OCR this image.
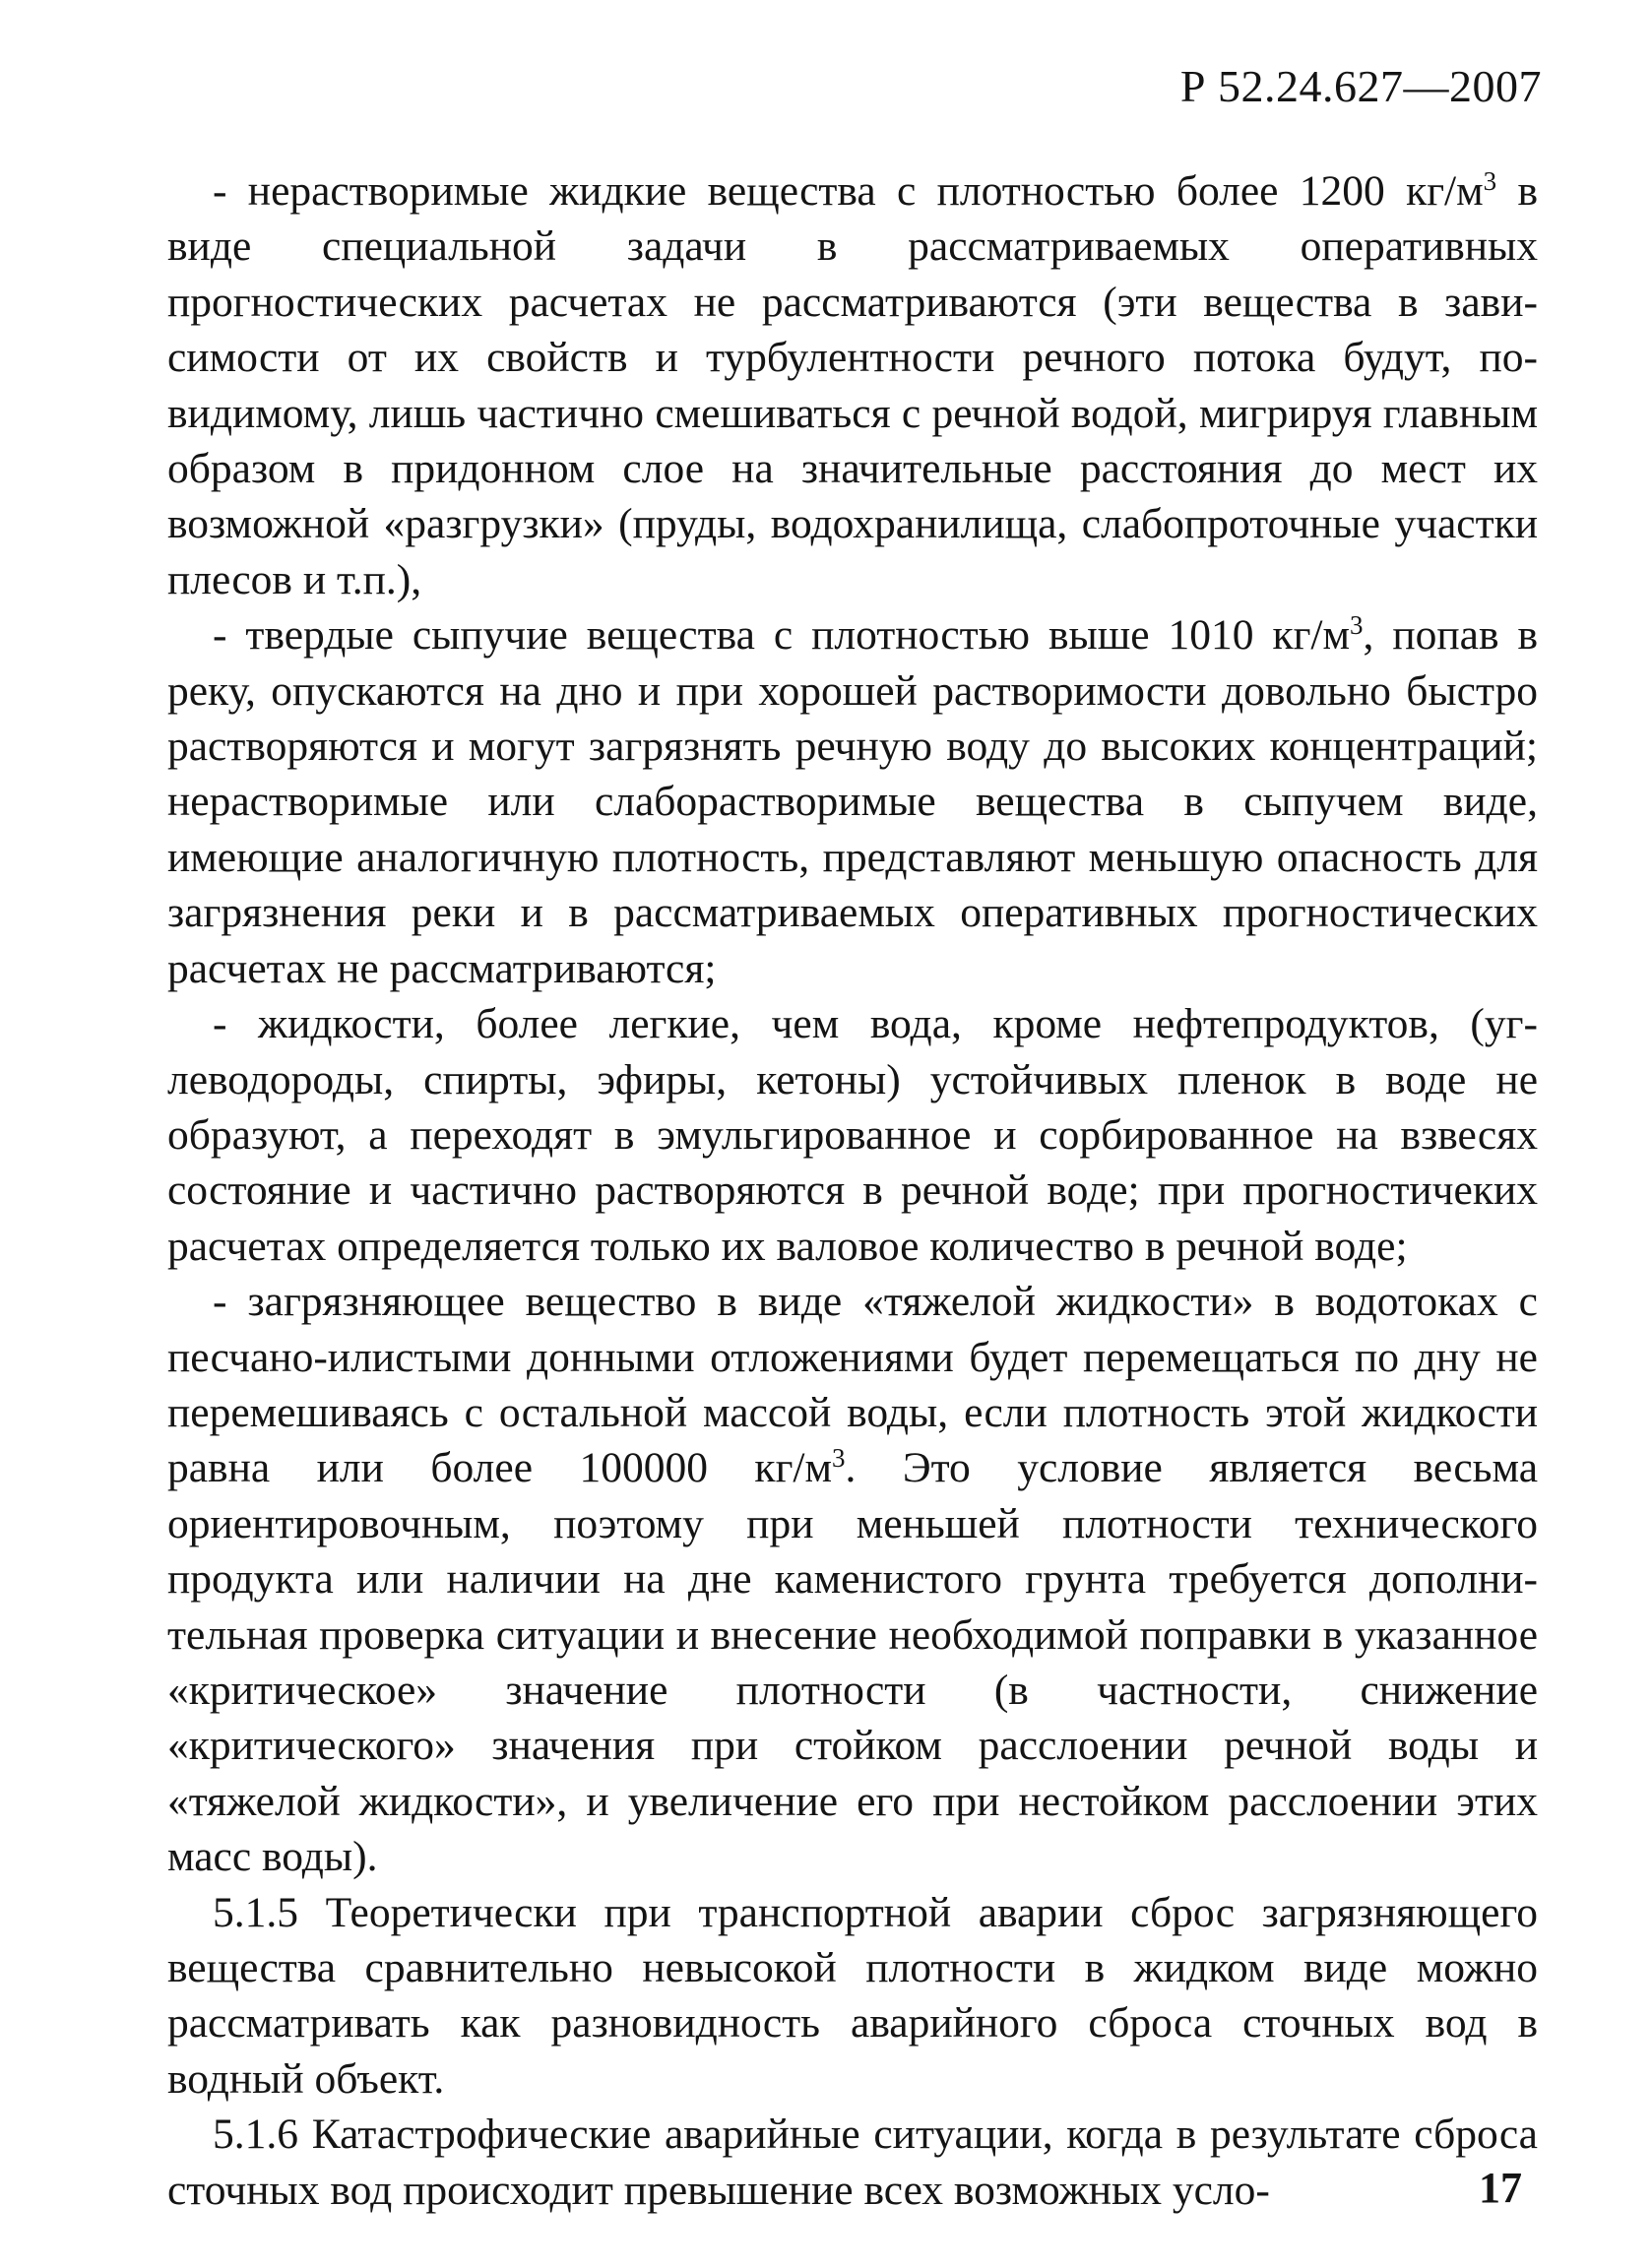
Р 52.24.627—2007

- нерастворимые жидкие вещества с плотностью более 1200 $кг/м^3$ в виде специальной задачи в рассматриваемых оперативных прогностических расчетах не рассматриваются (эти вещества в зависимости от их свойств и турбулентности речного потока будут, повидимому, лишь частично смешиваться с речной водой, мигрируя главным образом в придонном слое на значительные расстояния до мест их возможной «разгрузки» (пруды, водохранилища, слабопроточные участки плесов и т.п.),

- твердые сыпучие вещества с плотностью выше 1010 $кг/м^3$, попав в реку, опускаются на дно и при хорошей растворимости довольно быстро растворяются и могут загрязнять речную воду до высоких концентраций; нерастворимые или слаборастворимые вещества в сыпучем виде, имеющие аналогичную плотность, представляют меньшую опасность для загрязнения реки и в рассматриваемых оперативных прогностических расчетах не рассматриваются;

- жидкости, более легкие, чем вода, кроме нефтепродуктов, (углеводороды, спирты, эфиры, кетоны) устойчивых пленок в воде не образуют, а переходят в эмульгированное и сорбированное на взвесях состояние и частично растворяются в речной воде; при прогностичеких расчетах определяется только их валовое количество в речной воде;

- загрязняющее вещество в виде «тяжелой жидкости» в водотоках с песчано-илистыми донными отложениями будет перемещаться по дну не перемешиваясь с остальной массой воды, если плотность этой жидкости равна или более 100000 $кг/м^3$. Это условие является весьма ориентировочным, поэтому при меньшей плотности технического продукта или наличии на дне каменистого грунта требуется дополнительная проверка ситуации и внесение необходимой поправки в указанное «критическое» значение плотности (в частности, снижение «критического» значения при стойком расслоении речной воды и «тяжелой жидкости», и увеличение его при нестойком расслоении этих масс воды).

5.1.5 Теоретически при транспортной аварии сброс загрязняющего вещества сравнительно невысокой плотности в жидком виде можно рассматривать как разновидность аварийного сброса сточных вод в водный объект.

5.1.6 Катастрофические аварийные ситуации, когда в результате сброса сточных вод происходит превышение всех возможных усло-	17
